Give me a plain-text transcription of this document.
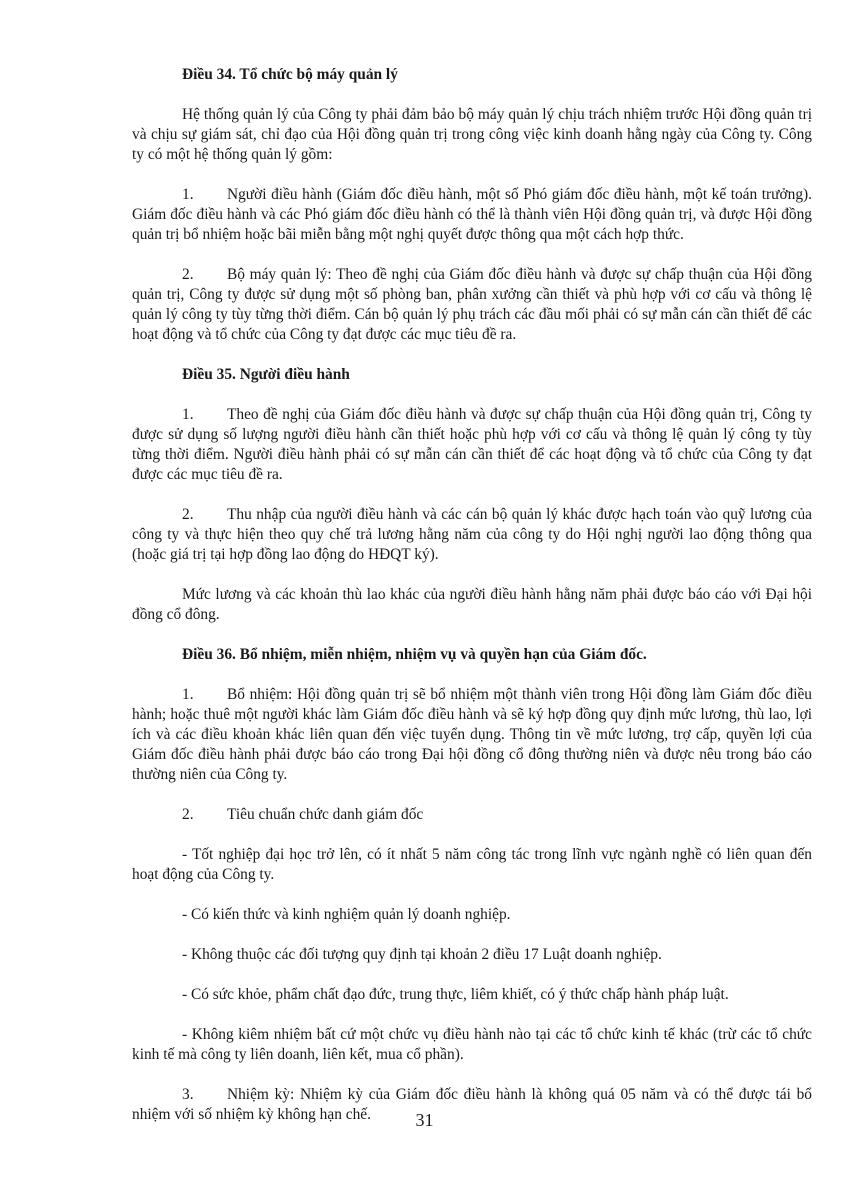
Điều 34. Tổ chức bộ máy quản lý

Hệ thống quản lý của Công ty phải đảm bảo bộ máy quản lý chịu trách nhiệm trước Hội đồng quản trị và chịu sự giám sát, chỉ đạo của Hội đồng quản trị trong công việc kinh doanh hằng ngày của Công ty. Công ty có một hệ thống quản lý gồm:

1. Người điều hành (Giám đốc điều hành, một số Phó giám đốc điều hành, một kế toán trưởng). Giám đốc điều hành và các Phó giám đốc điều hành có thể là thành viên Hội đồng quản trị, và được Hội đồng quản trị bổ nhiệm hoặc bãi miễn bằng một nghị quyết được thông qua một cách hợp thức.

2. Bộ máy quản lý: Theo đề nghị của Giám đốc điều hành và được sự chấp thuận của Hội đồng quản trị, Công ty được sử dụng một số phòng ban, phân xưởng cần thiết và phù hợp với cơ cấu và thông lệ quản lý công ty tùy từng thời điểm. Cán bộ quản lý phụ trách các đầu mối phải có sự mẫn cán cần thiết để các hoạt động và tổ chức của Công ty đạt được các mục tiêu đề ra.

Điều 35. Người điều hành

1. Theo đề nghị của Giám đốc điều hành và được sự chấp thuận của Hội đồng quản trị, Công ty được sử dụng số lượng người điều hành cần thiết hoặc phù hợp với cơ cấu và thông lệ quản lý công ty tùy từng thời điểm. Người điều hành phải có sự mẫn cán cần thiết để các hoạt động và tổ chức của Công ty đạt được các mục tiêu đề ra.

2. Thu nhập của người điều hành và các cán bộ quản lý khác được hạch toán vào quỹ lương của công ty và thực hiện theo quy chế trả lương hằng năm của công ty do Hội nghị người lao động thông qua (hoặc giá trị tại hợp đồng lao động do HĐQT ký).

Mức lương và các khoản thù lao khác của người điều hành hằng năm phải được báo cáo với Đại hội đồng cổ đông.

Điều 36. Bổ nhiệm, miễn nhiệm, nhiệm vụ và quyền hạn của Giám đốc.

1. Bổ nhiệm: Hội đồng quản trị sẽ bổ nhiệm một thành viên trong Hội đồng làm Giám đốc điều hành; hoặc thuê một người khác làm Giám đốc điều hành và sẽ ký hợp đồng quy định mức lương, thù lao, lợi ích và các điều khoản khác liên quan đến việc tuyển dụng. Thông tin về mức lương, trợ cấp, quyền lợi của Giám đốc điều hành phải được báo cáo trong Đại hội đồng cổ đông thường niên và được nêu trong báo cáo thường niên của Công ty.

2. Tiêu chuẩn chức danh giám đốc

- Tốt nghiệp đại học trở lên, có ít nhất 5 năm công tác trong lĩnh vực ngành nghề có liên quan đến hoạt động của Công ty.

- Có kiến thức và kinh nghiệm quản lý doanh nghiệp.

- Không thuộc các đối tượng quy định tại khoản 2 điều 17 Luật doanh nghiệp.

- Có sức khỏe, phẩm chất đạo đức, trung thực, liêm khiết, có ý thức chấp hành pháp luật.

- Không kiêm nhiệm bất cứ một chức vụ điều hành nào tại các tổ chức kinh tế khác (trừ các tổ chức kinh tế mà công ty liên doanh, liên kết, mua cổ phần).

3. Nhiệm kỳ: Nhiệm kỳ của Giám đốc điều hành là không quá 05 năm và có thể được tái bổ nhiệm với số nhiệm kỳ không hạn chế.	31
